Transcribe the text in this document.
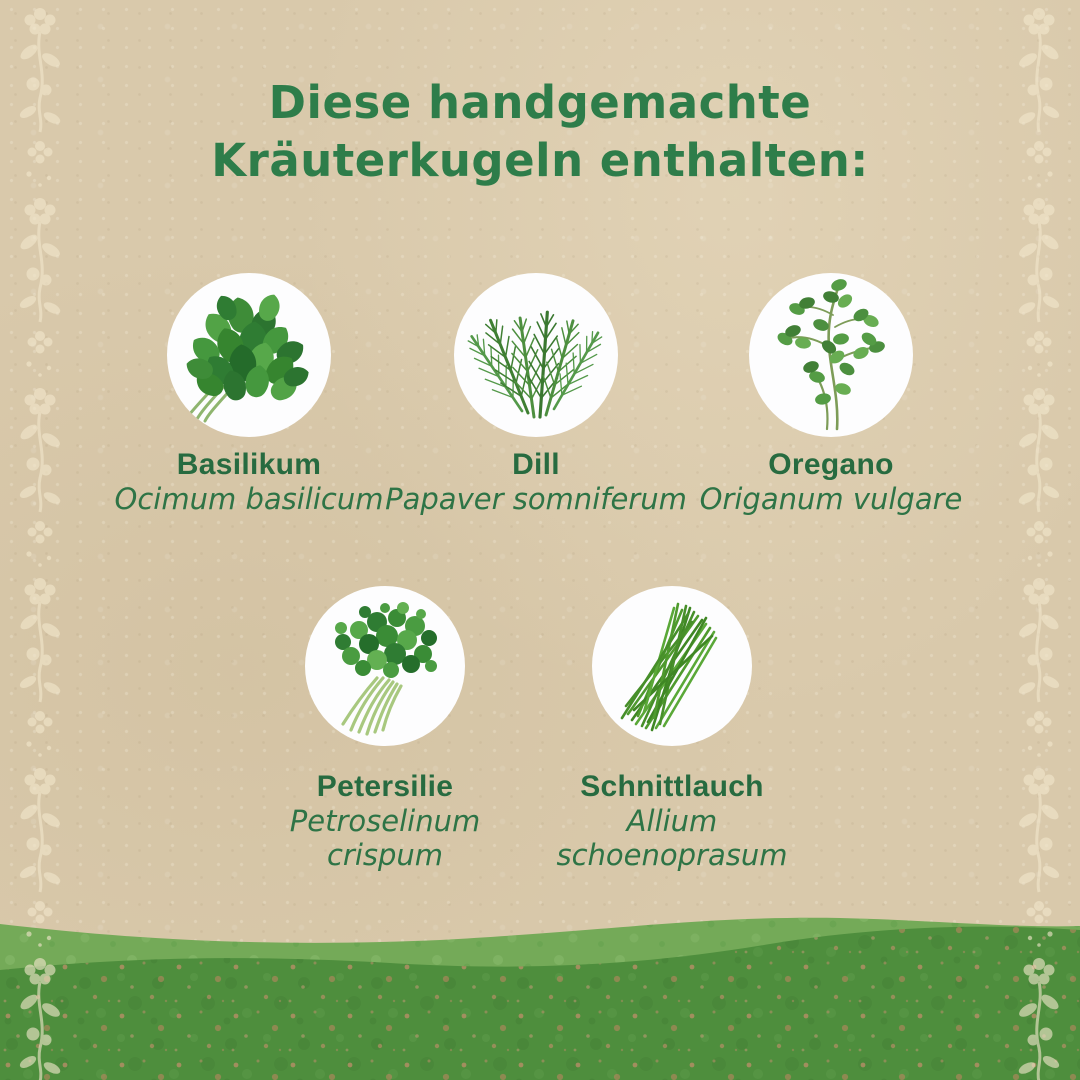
Diese handgemachte
Kräuterkugeln enthalten:
Basilikum
Ocimum basilicum
Dill
Papaver somniferum
Oregano
Origanum vulgare
Petersilie
Petroselinum crispum
Schnittlauch
Allium schoenoprasum
